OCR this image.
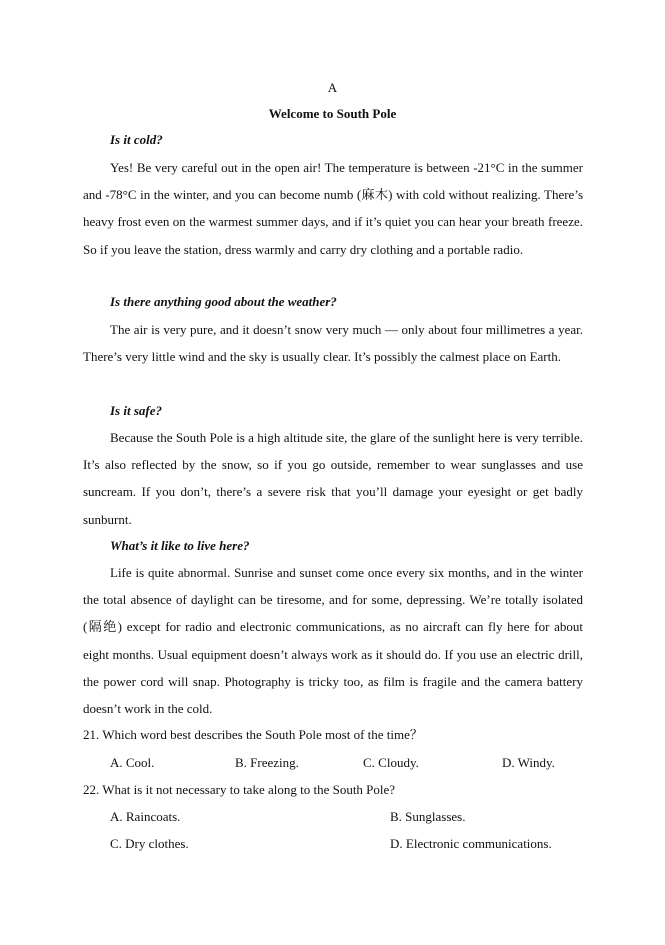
A
Welcome to South Pole
Is it cold?

Yes! Be very careful out in the open air! The temperature is between -21°C in the summer and -78°C in the winter, and you can become numb (麻木) with cold without realizing. There’s heavy frost even on the warmest summer days, and if it’s quiet you can hear your breath freeze. So if you leave the station, dress warmly and carry dry clothing and a portable radio.

Is there anything good about the weather?

The air is very pure, and it doesn’t snow very much — only about four millimetres a year. There’s very little wind and the sky is usually clear. It’s possibly the calmest place on Earth.

Is it safe?

Because the South Pole is a high altitude site, the glare of the sunlight here is very terrible. It’s also reflected by the snow, so if you go outside, remember to wear sunglasses and use suncream. If you don’t, there’s a severe risk that you’ll damage your eyesight or get badly sunburnt.

What’s it like to live here?

Life is quite abnormal. Sunrise and sunset come once every six months, and in the winter the total absence of daylight can be tiresome, and for some, depressing. We’re totally isolated (隔绝) except for radio and electronic communications, as no aircraft can fly here for about eight months. Usual equipment doesn’t always work as it should do. If you use an electric drill, the power cord will snap. Photography is tricky too, as film is fragile and the camera battery doesn’t work in the cold.

21. Which word best describes the South Pole most of the time？
A. Cool.	B. Freezing.	C. Cloudy.	D. Windy.
22. What is it not necessary to take along to the South Pole?
A. Raincoats.	B. Sunglasses.
C. Dry clothes.	D. Electronic communications.
